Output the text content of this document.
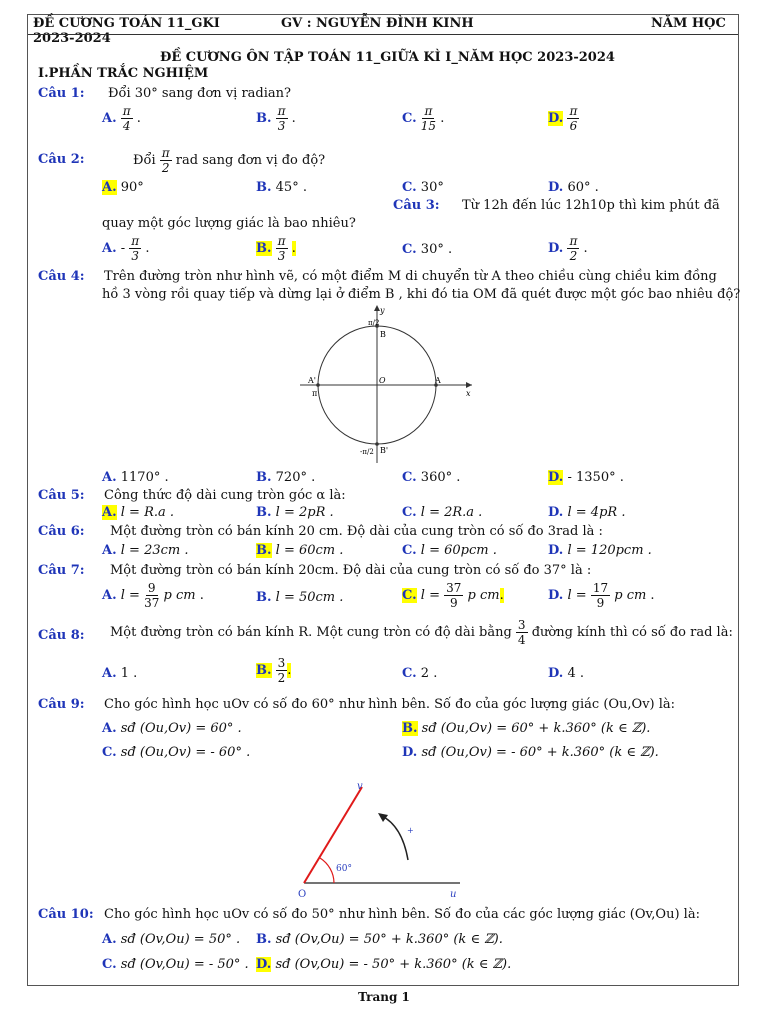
ĐỀ CƯƠNG TOÁN 11_GKI	GV : NGUYỄN ĐÌNH KINH	NĂM HỌC
2023-2024
ĐỀ CƯƠNG ÔN TẬP TOÁN 11_GIỮA KÌ I_NĂM HỌC 2023-2024
I.PHẦN TRẮC NGHIỆM
Câu 1: Đổi 30° sang đơn vị radian?
A. $\frac{\pi}{4}$ .	B. $\frac{\pi}{3}$ .	C. $\frac{\pi}{15}$ .	D. $\frac{\pi}{6}$
Câu 2:	Đổi $\frac{\pi}{2}$ rad sang đơn vị đo độ?
A. 90°	B. 45° .	C. 30°	D. 60° .
Câu 3: Từ 12h đến lúc 12h10p thì kim phút đã
quay một góc lượng giác là bao nhiêu?
A. - $\frac{\pi}{3}$ .	B. $\frac{\pi}{3}$ .	C. 30° .	D. $\frac{\pi}{2}$ .
Câu 4: Trên đường tròn như hình vẽ, có một điểm M di chuyển từ A theo chiều cùng chiều kim đồng
hồ 3 vòng rồi quay tiếp và dừng lại ở điểm B , khi đó tia OM đã quét được một góc bao nhiêu độ?
π/2
B
A'
π
O	A
x
y
-π/2 B'
A. 1170° .	B. 720° .	C. 360° .	D. - 1350° .
Câu 5: Công thức độ dài cung tròn góc α là:
A. l = R.a .	B. l = 2pR .	C. l = 2R.a .	D. l = 4pR .
Câu 6: Một đường tròn có bán kính 20 cm. Độ dài của cung tròn có số đo 3rad là :
A. l = 23cm .	B. l = 60cm .	C. l = 60pcm .	D. l = 120pcm .
Câu 7: Một đường tròn có bán kính 20cm. Độ dài của cung tròn có số đo 37° là :
A. $l = \frac{9}{37}$ p cm .	B. l = 50cm .	C. $l = \frac{37}{9}$ p cm.	D. $l = \frac{17}{9}$ p cm .
Câu 8: Một đường tròn có bán kính R. Một cung tròn có độ dài bằng $\frac{3}{4}$ đường kính thì có số đo rad là:
A. 1 .	B. $\frac{3}{2}$ .	C. 2 .	D. 4 .
Câu 9: Cho góc hình học uOv có số đo 60° như hình bên. Số đo của góc lượng giác (Ou,Ov) là:
A. sđ (Ou,Ov) = 60° .	B. sđ (Ou,Ov) = 60° + k.360° (k ∈ ℤ).
C. sđ (Ou,Ov) = - 60° .	D. sđ (Ou,Ov) = - 60° + k.360° (k ∈ ℤ).
v
+
60°
O	u
Câu 10: Cho góc hình học uOv có số đo 50° như hình bên. Số đo của các góc lượng giác (Ov,Ou) là:
A. sđ (Ov,Ou) = 50° . B. sđ (Ov,Ou) = 50° + k.360° (k ∈ ℤ).
C. sđ (Ov,Ou) = - 50° . D. sđ (Ov,Ou) = - 50° + k.360° (k ∈ ℤ).
Trang 1
